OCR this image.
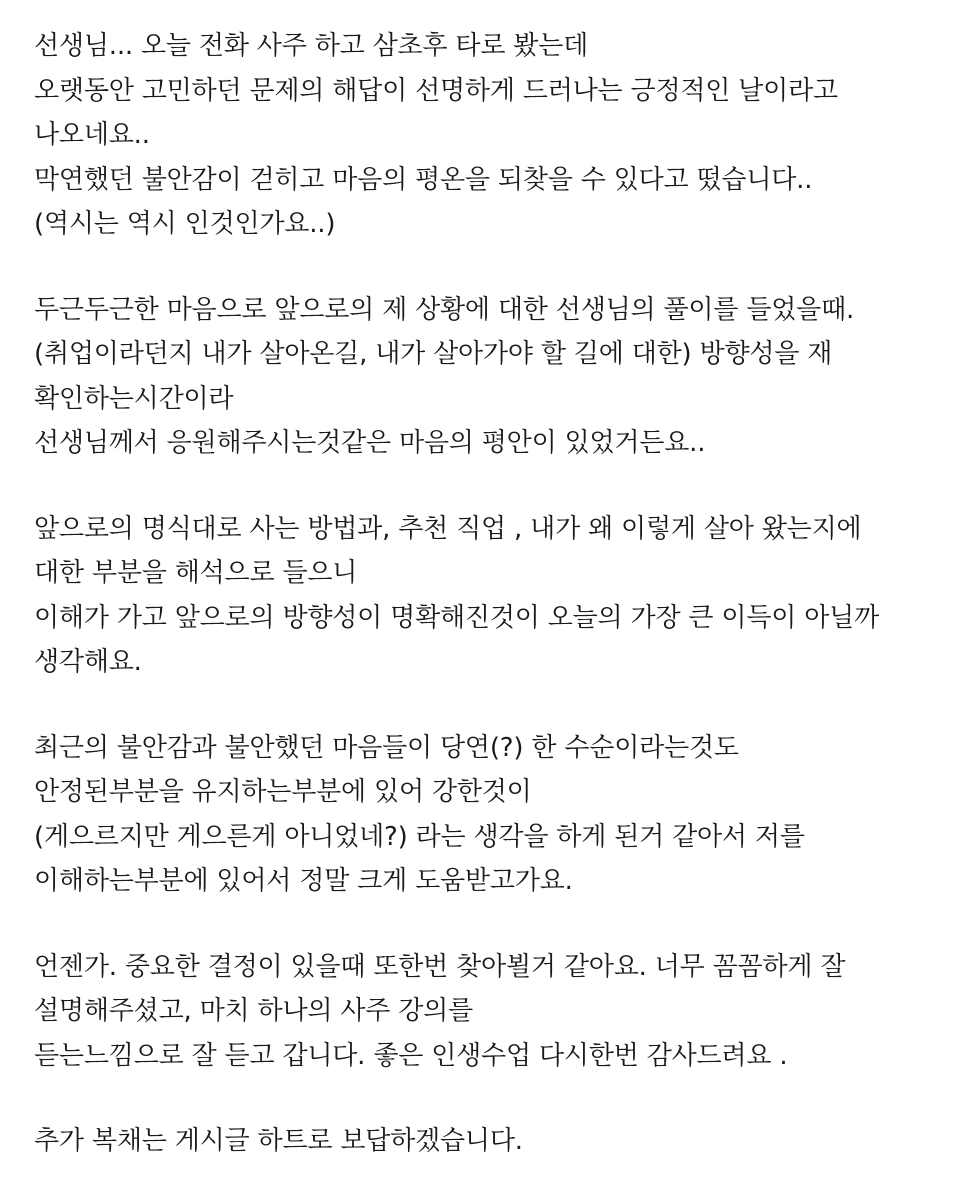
선생님... 오늘 전화 사주 하고 삼초후 타로 봤는데
오랫동안 고민하던 문제의 해답이 선명하게 드러나는 긍정적인 날이라고
나오네요..
막연했던 불안감이 걷히고 마음의 평온을 되찾을 수 있다고 떴습니다..
(역시는 역시 인것인가요..)
두근두근한 마음으로 앞으로의 제 상황에 대한 선생님의 풀이를 들었을때.
(취업이라던지 내가 살아온길, 내가 살아가야 할 길에 대한) 방향성을 재
확인하는시간이라
선생님께서 응원해주시는것같은 마음의 평안이 있었거든요..
앞으로의 명식대로 사는 방법과, 추천 직업 , 내가 왜 이렇게 살아 왔는지에
대한 부분을 해석으로 들으니
이해가 가고 앞으로의 방향성이 명확해진것이 오늘의 가장 큰 이득이 아닐까
생각해요.
최근의 불안감과 불안했던 마음들이 당연(?) 한 수순이라는것도
안정된부분을 유지하는부분에 있어 강한것이
(게으르지만 게으른게 아니었네?) 라는 생각을 하게 된거 같아서 저를
이해하는부분에 있어서 정말 크게 도움받고가요.
언젠가. 중요한 결정이 있을때 또한번 찾아뵐거 같아요. 너무 꼼꼼하게 잘
설명해주셨고, 마치 하나의 사주 강의를
듣는느낌으로 잘 듣고 갑니다. 좋은 인생수업 다시한번 감사드려요 .
추가 복채는 게시글 하트로 보답하겠습니다.
